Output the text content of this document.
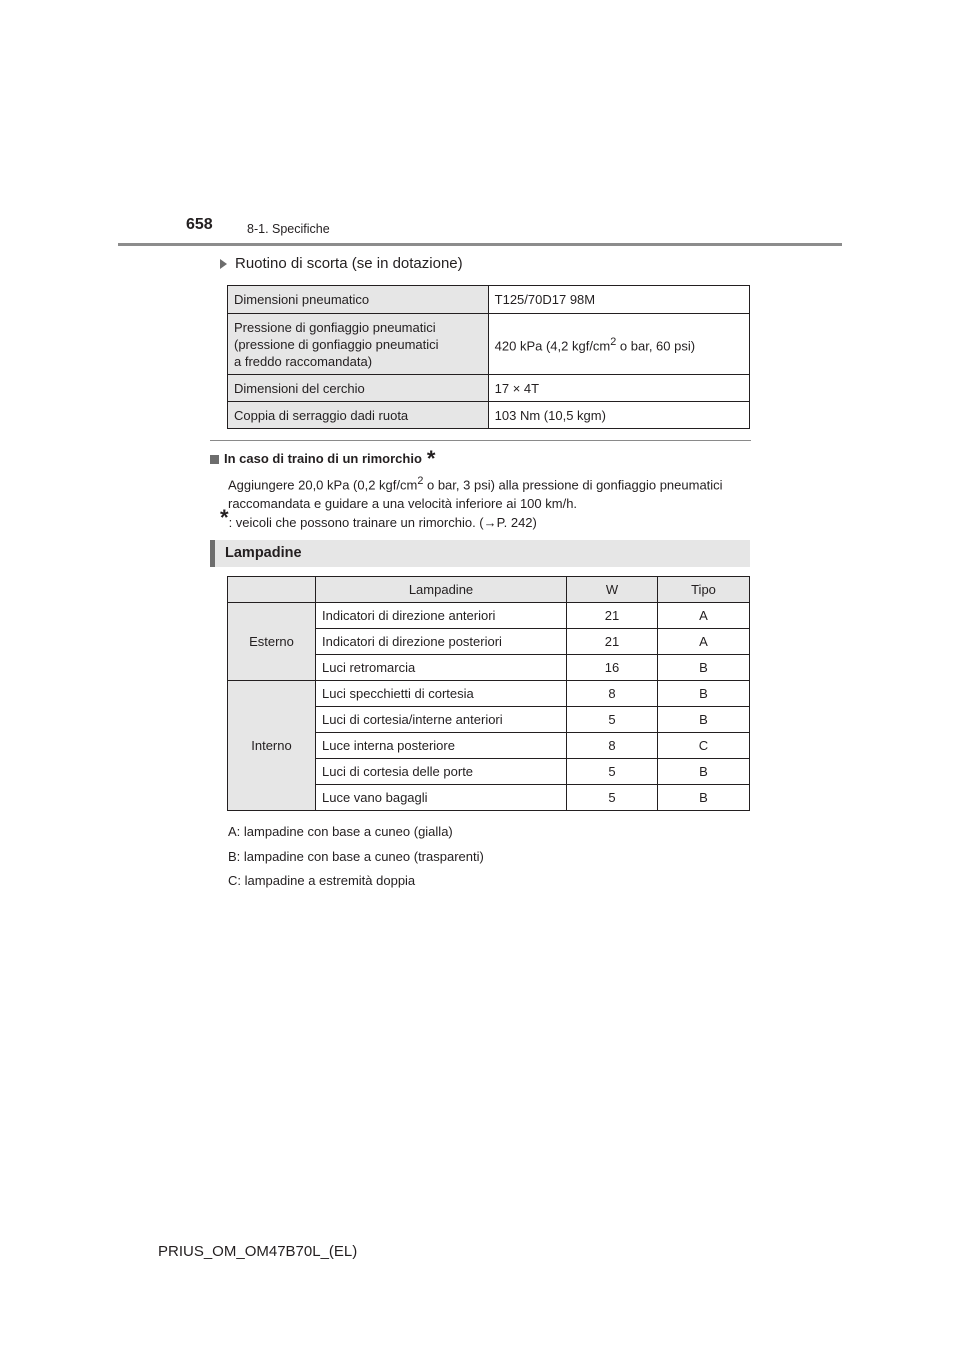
658	8-1. Specifiche
Ruotino di scorta (se in dotazione)
Dimensioni pneumatico	T125/70D17 98M
Pressione di gonfiaggio pneumatici
(pressione di gonfiaggio pneumatici
a freddo raccomandata)	420 kPa (4,2 kgf/$cm^2$ o bar, 60 psi)
Dimensioni del cerchio	17 × 4T
Coppia di serraggio dadi ruota	103 Nm (10,5 kgm)
In caso di traino di un rimorchio *
Aggiungere 20,0 kPa (0,2 kgf/$cm^2$ o bar, 3 psi) alla pressione di gonfiaggio pneumatici raccomandata e guidare a una velocità inferiore ai 100 km/h.
* : veicoli che possono trainare un rimorchio. (→P. 242)
Lampadine
	Lampadine	W	Tipo
Esterno	Indicatori di direzione anteriori	21	A
	Indicatori di direzione posteriori	21	A
	Luci retromarcia	16	B
Interno	Luci specchietti di cortesia	8	B
	Luci di cortesia/interne anteriori	5	B
	Luce interna posteriore	8	C
	Luci di cortesia delle porte	5	B
	Luce vano bagagli	5	B
A: lampadine con base a cuneo (gialla)
B: lampadine con base a cuneo (trasparenti)
C: lampadine a estremità doppia
PRIUS_OM_OM47B70L_(EL)
